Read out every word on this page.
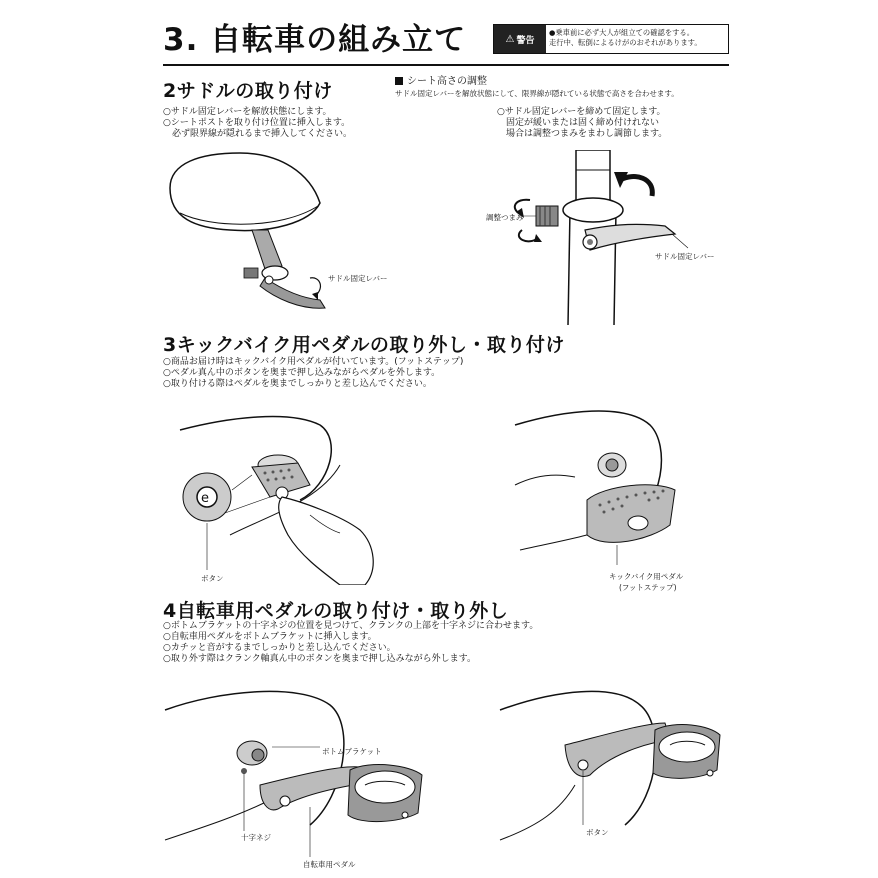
3. 自転車の組み立て	⚠ 警告
●乗車前に必ず大人が組立ての確認をする。
走行中、転倒によるけがのおそれがあります。
2サドルの取り付け
○サドル固定レバーを解放状態にします。
○シートポストを取り付け位置に挿入します。
　必ず限界線が隠れるまで挿入してください。
サドル固定レバー
シート高さの調整
サドル固定レバーを解放状態にして、限界線が隠れている状態で高さを合わせます。
○サドル固定レバーを締めて固定します。
　固定が緩いまたは固く締め付けれない
　場合は調整つまみをまわし調節します。
調整つまみ
サドル固定レバー
3キックバイク用ペダルの取り外し・取り付け
○商品お届け時はキックバイク用ペダルが付いています。(フットステップ)
○ペダル真ん中のボタンを奥まで押し込みながらペダルを外します。
○取り付ける際はペダルを奥までしっかりと差し込んでください。
e
ボタン	キックバイク用ペダル
(フットステップ)
4自転車用ペダルの取り付け・取り外し
○ボトムブラケットの十字ネジの位置を見つけて、クランクの上部を十字ネジに合わせます。
○自転車用ペダルをボトムブラケットに挿入します。
○カチッと音がするまでしっかりと差し込んでください。
○取り外す際はクランク軸真ん中のボタンを奥まで押し込みながら外します。
ボトムブラケット
十字ネジ
自転車用ペダル
ボタン
